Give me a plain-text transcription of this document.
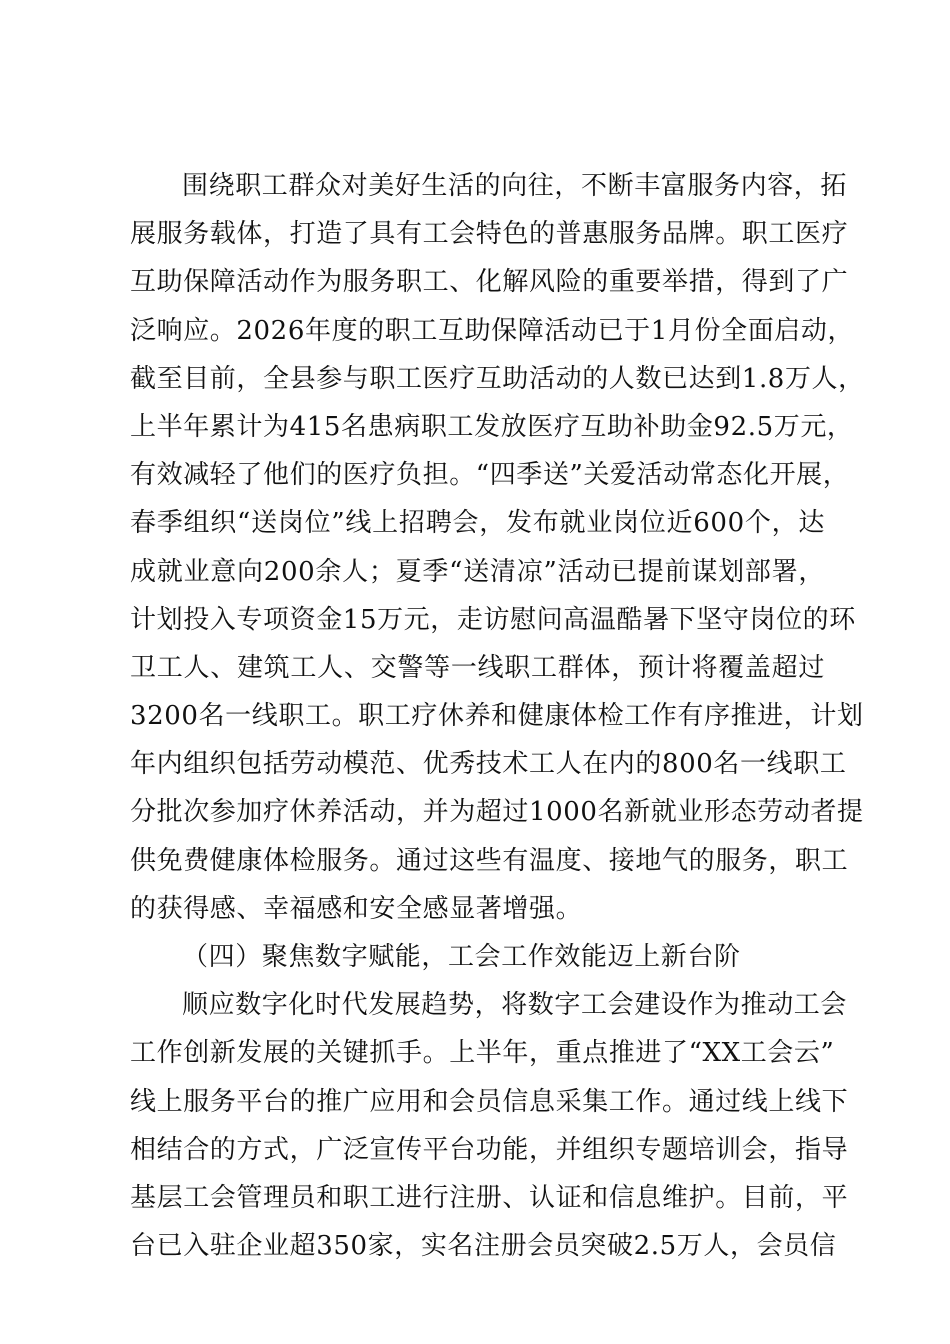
围绕职工群众对美好生活的向往，不断丰富服务内容，拓
展服务载体，打造了具有工会特色的普惠服务品牌。职工医疗
互助保障活动作为服务职工、化解风险的重要举措，得到了广
泛响应。2026年度的职工互助保障活动已于1月份全面启动，
截至目前，全县参与职工医疗互助活动的人数已达到1.8万人，
上半年累计为415名患病职工发放医疗互助补助金92.5万元，
有效减轻了他们的医疗负担。“四季送”关爱活动常态化开展，
春季组织“送岗位”线上招聘会，发布就业岗位近600个，达
成就业意向200余人；夏季“送清凉”活动已提前谋划部署，
计划投入专项资金15万元，走访慰问高温酷暑下坚守岗位的环
卫工人、建筑工人、交警等一线职工群体，预计将覆盖超过
3200名一线职工。职工疗休养和健康体检工作有序推进，计划
年内组织包括劳动模范、优秀技术工人在内的800名一线职工
分批次参加疗休养活动，并为超过1000名新就业形态劳动者提
供免费健康体检服务。通过这些有温度、接地气的服务，职工
的获得感、幸福感和安全感显著增强。
（四）聚焦数字赋能，工会工作效能迈上新台阶
顺应数字化时代发展趋势，将数字工会建设作为推动工会
工作创新发展的关键抓手。上半年，重点推进了“XX工会云”
线上服务平台的推广应用和会员信息采集工作。通过线上线下
相结合的方式，广泛宣传平台功能，并组织专题培训会，指导
基层工会管理员和职工进行注册、认证和信息维护。目前，平
台已入驻企业超350家，实名注册会员突破2.5万人，会员信
